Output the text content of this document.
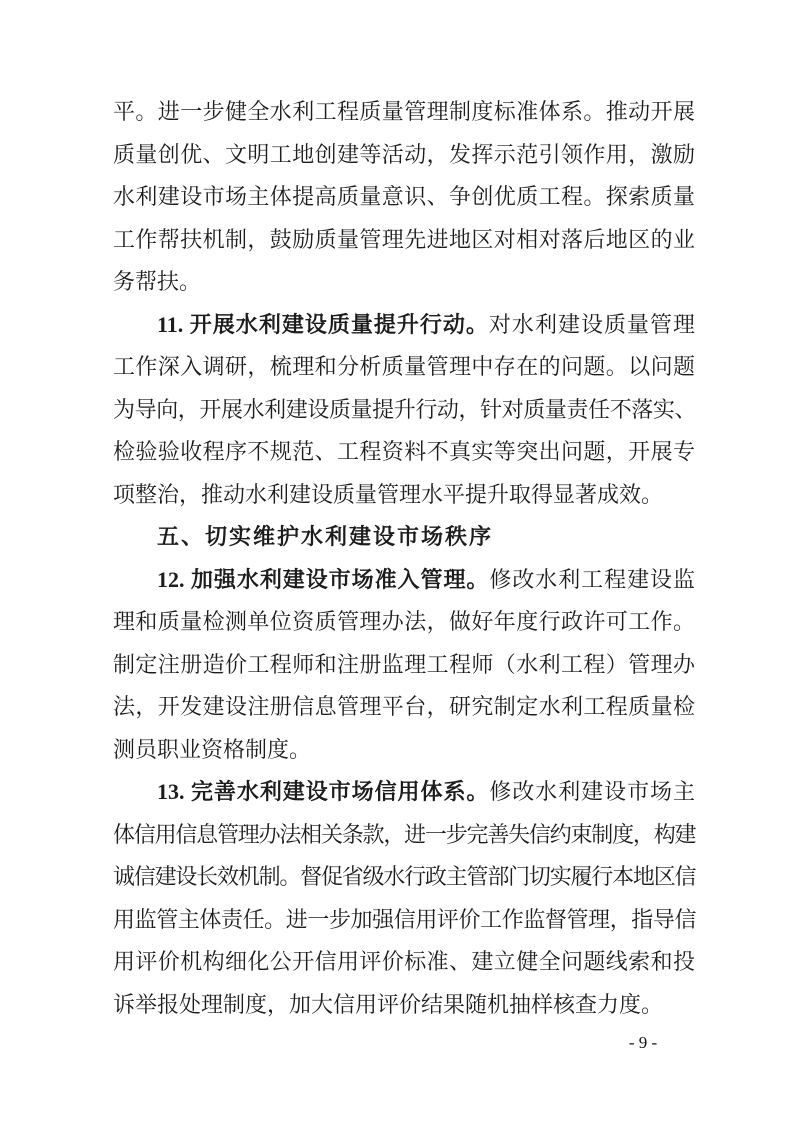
平。进一步健全水利工程质量管理制度标准体系。推动开展
质量创优、文明工地创建等活动，发挥示范引领作用，激励
水利建设市场主体提高质量意识、争创优质工程。探索质量
工作帮扶机制，鼓励质量管理先进地区对相对落后地区的业
务帮扶。
11. 开展水利建设质量提升行动。对水利建设质量管理
工作深入调研，梳理和分析质量管理中存在的问题。以问题
为导向，开展水利建设质量提升行动，针对质量责任不落实、
检验验收程序不规范、工程资料不真实等突出问题，开展专
项整治，推动水利建设质量管理水平提升取得显著成效。
五、切实维护水利建设市场秩序
12. 加强水利建设市场准入管理。修改水利工程建设监
理和质量检测单位资质管理办法，做好年度行政许可工作。
制定注册造价工程师和注册监理工程师（水利工程）管理办
法，开发建设注册信息管理平台，研究制定水利工程质量检
测员职业资格制度。
13. 完善水利建设市场信用体系。修改水利建设市场主
体信用信息管理办法相关条款，进一步完善失信约束制度，构建
诚信建设长效机制。督促省级水行政主管部门切实履行本地区信
用监管主体责任。进一步加强信用评价工作监督管理，指导信
用评价机构细化公开信用评价标准、建立健全问题线索和投
诉举报处理制度，加大信用评价结果随机抽样核查力度。
- 9 -
